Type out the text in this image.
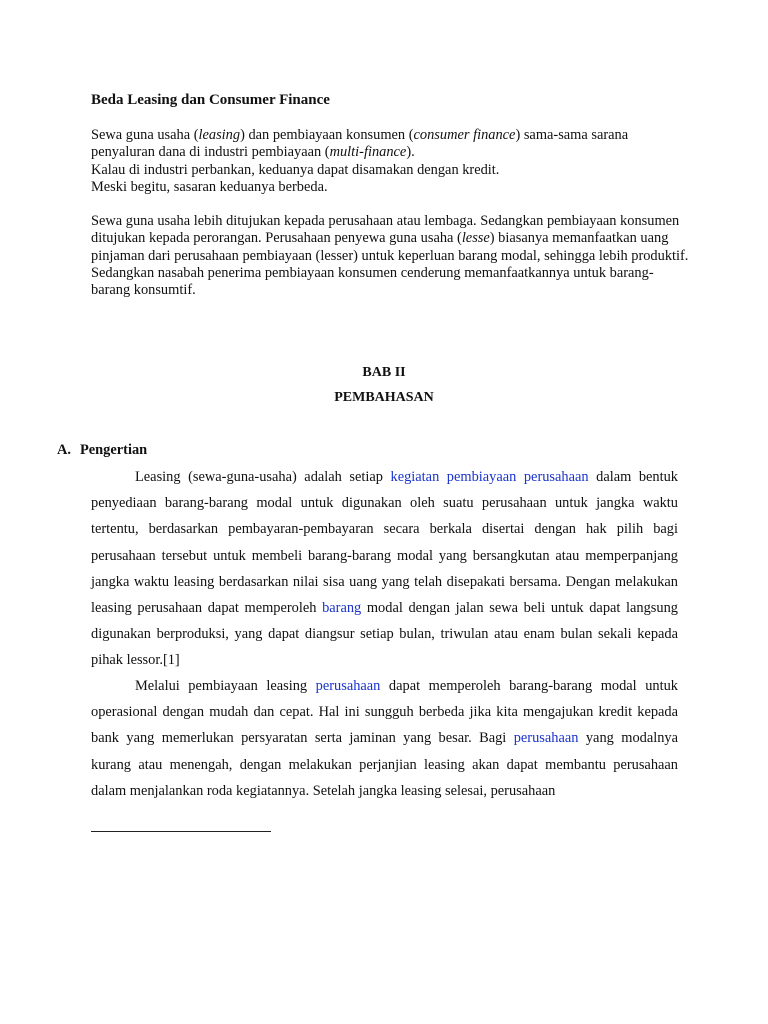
Beda Leasing dan Consumer Finance

Sewa guna usaha (leasing) dan pembiayaan konsumen (consumer finance) sama-sama sarana
penyaluran dana di industri pembiayaan (multi-finance).
Kalau di industri perbankan, keduanya dapat disamakan dengan kredit.
Meski begitu, sasaran keduanya berbeda.

Sewa guna usaha lebih ditujukan kepada perusahaan atau lembaga. Sedangkan pembiayaan konsumen ditujukan kepada perorangan. Perusahaan penyewa guna usaha (lesse) biasanya memanfaatkan uang pinjaman dari perusahaan pembiayaan (lesser) untuk keperluan barang modal, sehingga lebih produktif. Sedangkan nasabah penerima pembiayaan konsumen cenderung memanfaatkannya untuk barang-barang konsumtif.

BAB II

PEMBAHASAN

A. Pengertian

Leasing (sewa-guna-usaha) adalah setiap kegiatan pembiayaan perusahaan dalam bentuk penyediaan barang-barang modal untuk digunakan oleh suatu perusahaan untuk jangka waktu tertentu, berdasarkan pembayaran-pembayaran secara berkala disertai dengan hak pilih bagi perusahaan tersebut untuk membeli barang-barang modal yang bersangkutan atau memperpanjang jangka waktu leasing berdasarkan nilai sisa uang yang telah disepakati bersama. Dengan melakukan leasing perusahaan dapat memperoleh barang modal dengan jalan sewa beli untuk dapat langsung digunakan berproduksi, yang dapat diangsur setiap bulan, triwulan atau enam bulan sekali kepada pihak lessor.[1]

Melalui pembiayaan leasing perusahaan dapat memperoleh barang-barang modal untuk operasional dengan mudah dan cepat. Hal ini sungguh berbeda jika kita mengajukan kredit kepada bank yang memerlukan persyaratan serta jaminan yang besar. Bagi perusahaan yang modalnya kurang atau menengah, dengan melakukan perjanjian leasing akan dapat membantu perusahaan dalam menjalankan roda kegiatannya. Setelah jangka leasing selesai, perusahaan
